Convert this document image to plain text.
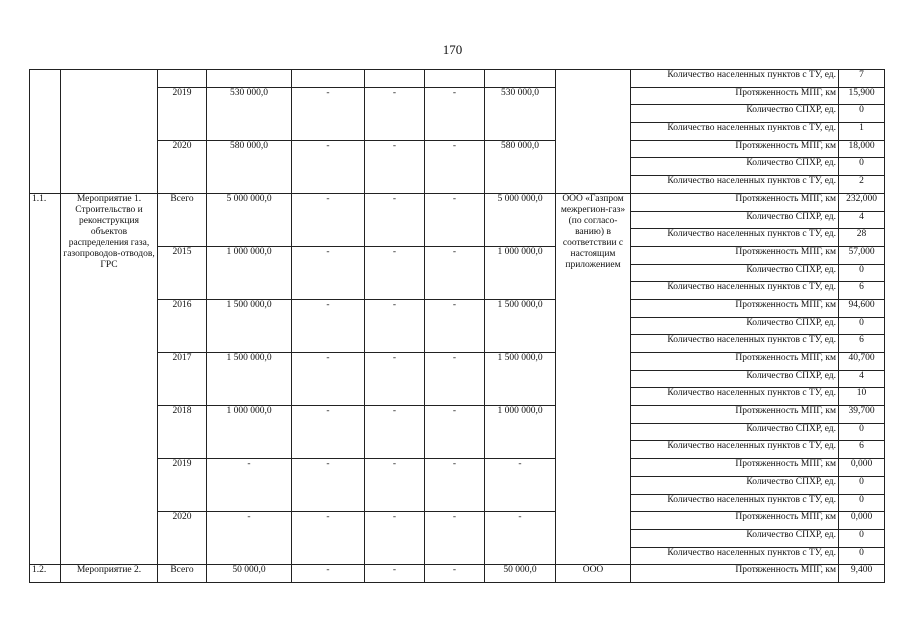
170
									Количество населенных пунктов с ТУ, ед.	7
		2019	530 000,0	-	-	-	530 000,0		Протяженность МПГ, км	15,900
									Количество СПХР, ед.	0
									Количество населенных пунктов с ТУ, ед.	1
		2020	580 000,0	-	-	-	580 000,0		Протяженность МПГ, км	18,000
									Количество СПХР, ед.	0
									Количество населенных пунктов с ТУ, ед.	2
1.1.	Мероприятие 1. Строительство и реконструкция объектов распределения газа, газопроводов-отводов, ГРС	Всего	5 000 000,0	-	-	-	5 000 000,0	ООО «Газпром межрегион-газ» (по согласо-ванию) в соответствии с настоящим приложением	Протяженность МПГ, км	232,000
									Количество СПХР, ед.	4
									Количество населенных пунктов с ТУ, ед.	28
		2015	1 000 000,0	-	-	-	1 000 000,0		Протяженность МПГ, км	57,000
									Количество СПХР, ед.	0
									Количество населенных пунктов с ТУ, ед.	6
		2016	1 500 000,0	-	-	-	1 500 000,0		Протяженность МПГ, км	94,600
									Количество СПХР, ед.	0
									Количество населенных пунктов с ТУ, ед.	6
		2017	1 500 000,0	-	-	-	1 500 000,0		Протяженность МПГ, км	40,700
									Количество СПХР, ед.	4
									Количество населенных пунктов с ТУ, ед.	10
		2018	1 000 000,0	-	-	-	1 000 000,0		Протяженность МПГ, км	39,700
									Количество СПХР, ед.	0
									Количество населенных пунктов с ТУ, ед.	6
		2019	-	-	-	-	-		Протяженность МПГ, км	0,000
									Количество СПХР, ед.	0
									Количество населенных пунктов с ТУ, ед.	0
		2020	-	-	-	-	-		Протяженность МПГ, км	0,000
									Количество СПХР, ед.	0
									Количество населенных пунктов с ТУ, ед.	0
1.2.	Мероприятие 2.	Всего	50 000,0	-	-	-	50 000,0	ООО	Протяженность МПГ, км	9,400
